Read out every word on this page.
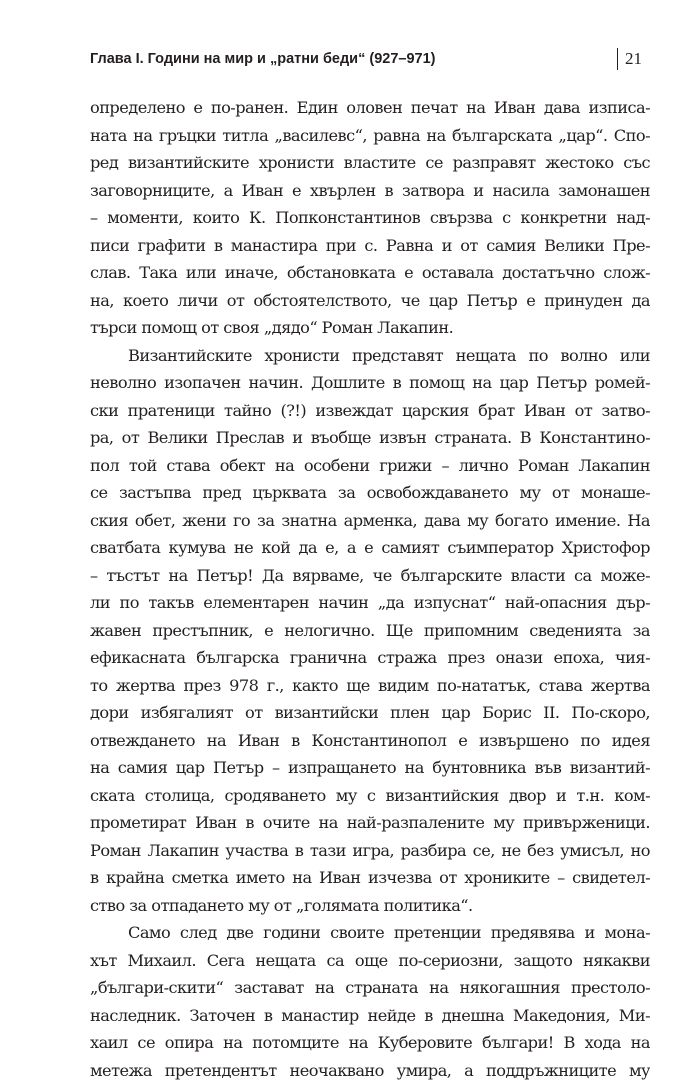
Глава I. Години на мир и „ратни беди“ (927–971)	21
определено е по-ранен. Един оловен печат на Иван дава изписа-
ната на гръцки титла „василевс“, равна на българската „цар“. Спо-
ред византийските хронисти властите се разправят жестоко със
заговорниците, а Иван е хвърлен в затвора и насила замонашен
– моменти, които К. Попконстантинов свързва с конкретни над-
писи графити в манастира при с. Равна и от самия Велики Пре-
слав. Така или иначе, обстановката е оставала достатъчно слож-
на, което личи от обстоятелството, че цар Петър е принуден да
търси помощ от своя „дядо“ Роман Лакапин.
Византийските хронисти представят нещата по волно или
неволно изопачен начин. Дошлите в помощ на цар Петър ромей-
ски пратеници тайно (?!) извеждат царския брат Иван от затво-
ра, от Велики Преслав и въобще извън страната. В Константино-
пол той става обект на особени грижи – лично Роман Лакапин
се застъпва пред църквата за освобождаването му от монаше-
ския обет, жени го за знатна арменка, дава му богато имение. На
сватбата кумува не кой да е, а е самият съимператор Христофор
– тъстът на Петър! Да вярваме, че българските власти са може-
ли по такъв елементарен начин „да изпуснат“ най-опасния дър-
жавен престъпник, е нелогично. Ще припомним сведенията за
ефикасната българска гранична стража през онази епоха, чия-
то жертва през 978 г., както ще видим по-нататък, става жертва
дори избягалият от византийски плен цар Борис II. По-скоро,
отвеждането на Иван в Константинопол е извършено по идея
на самия цар Петър – изпращането на бунтовника във византий-
ската столица, сродяването му с византийския двор и т.н. ком-
прометират Иван в очите на най-разпалените му привърженици.
Роман Лакапин участва в тази игра, разбира се, не без умисъл, но
в крайна сметка името на Иван изчезва от хрониките – свидетел-
ство за отпадането му от „голямата политика“.
Само след две години своите претенции предявява и мона-
хът Михаил. Сега нещата са още по-сериозни, защото някакви
„българи-скити“ застават на страната на някогашния престоло-
наследник. Заточен в манастир нейде в днешна Македония, Ми-
хаил се опира на потомците на Куберовите българи! В хода на
метежа претендентът неочаквано умира, а поддръжниците му
